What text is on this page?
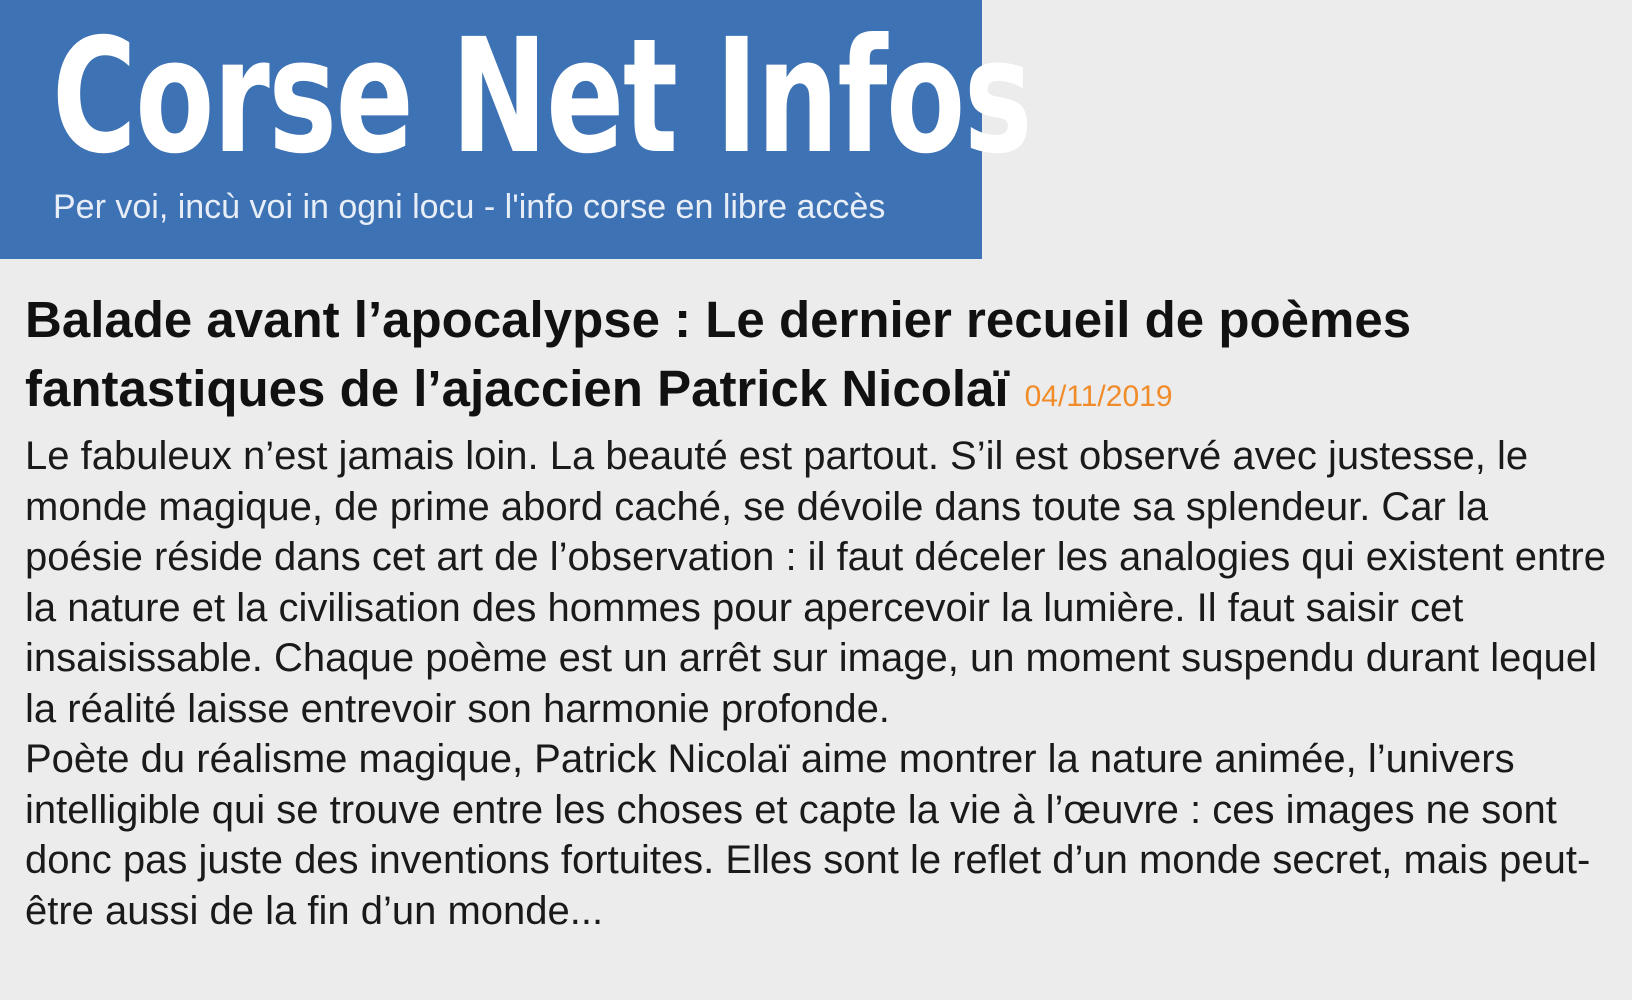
Corse Net Infos
Per voi, incù voi in ogni locu - l'info corse en libre accès
Balade avant l’apocalypse : Le dernier recueil de poèmes fantastiques de l’ajaccien Patrick Nicolaï 04/11/2019

Le fabuleux n’est jamais loin. La beauté est partout. S’il est observé avec justesse, le monde magique, de prime abord caché, se dévoile dans toute sa splendeur. Car la poésie réside dans cet art de l’observation : il faut déceler les analogies qui existent entre la nature et la civilisation des hommes pour apercevoir la lumière. Il faut saisir cet insaisissable. Chaque poème est un arrêt sur image, un moment suspendu durant lequel la réalité laisse entrevoir son harmonie profonde.

Poète du réalisme magique, Patrick Nicolaï aime montrer la nature animée, l’univers intelligible qui se trouve entre les choses et capte la vie à l’œuvre : ces images ne sont donc pas juste des inventions fortuites. Elles sont le reflet d’un monde secret, mais peut-être aussi de la fin d’un monde...
